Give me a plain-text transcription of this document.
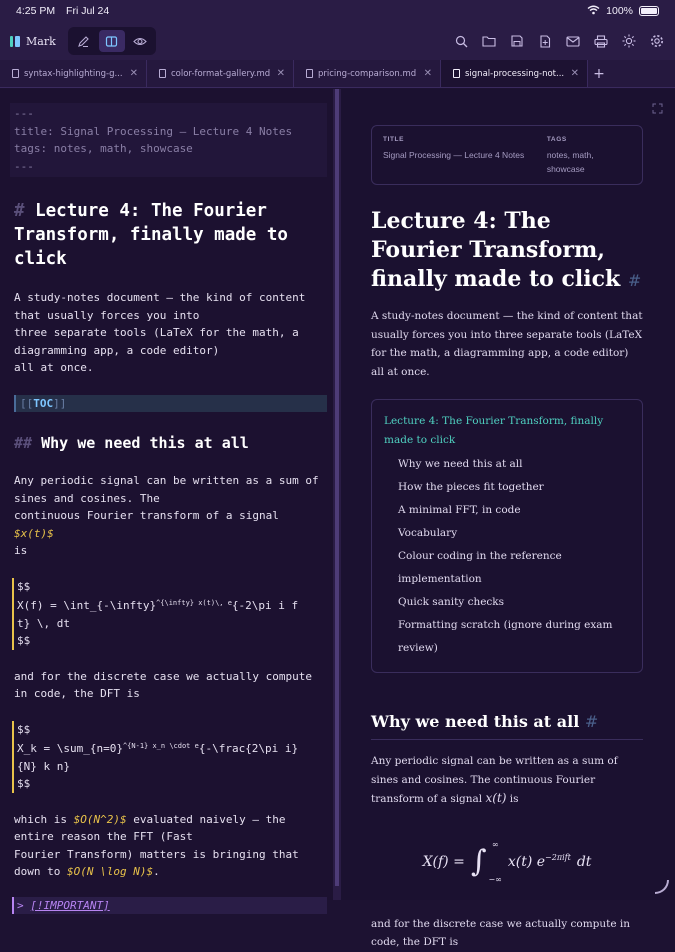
4:25 PM Fri Jul 24	100%
Mark
syntax-highlighting-g... ✕	color-format-gallery.md ✕	pricing-comparison.md ✕	signal-processing-not... ✕ +
---
title: Signal Processing — Lecture 4 Notes
tags: notes, math, showcase
---
# Lecture 4: The Fourier Transform, finally made to click
A study-notes document — the kind of content
that usually forces you into
three separate tools (LaTeX for the math, a
diagramming app, a code editor)
all at once.
[[TOC]]
## Why we need this at all
Any periodic signal can be written as a sum of
sines and cosines. The
continuous Fourier transform of a signal $x(t)$
is
$$
X(f) = \int_{-\infty}$^{\^{}\{\backslash infty\} x(t)\backslash, e}${-2\pi i f
t} \, dt
$$
and for the discrete case we actually compute
in code, the DFT is
$$
X_k = \sum_{n=0}$^{\^{}\{N-1\} x\_n \backslash cdot e}${-\frac{2\pi i}
{N} k n}
$$
which is $O(N^2)$ evaluated naively — the
entire reason the FFT (Fast
Fourier Transform) matters is bringing that
down to $O(N \log N)$.
> [!IMPORTANT]
TITLE
Signal Processing — Lecture 4 Notes
TAGS
notes, math, showcase
Lecture 4: The Fourier Transform, finally made to click #
A study-notes document — the kind of content that usually forces you into three separate tools (LaTeX for the math, a diagramming app, a code editor) all at once.
Lecture 4: The Fourier Transform, finally made to click
Why we need this at all
How the pieces fit together
A minimal FFT, in code
Vocabulary
Colour coding in the reference implementation
Quick sanity checks
Formatting scratch (ignore during exam review)
Why we need this at all #
Any periodic signal can be written as a sum of sines and cosines. The continuous Fourier transform of a signal x(t) is
X(f) = ∫ ∞
−∞
x(t) $e^{-2\pi ift}$ dt
and for the discrete case we actually compute in code, the DFT is
